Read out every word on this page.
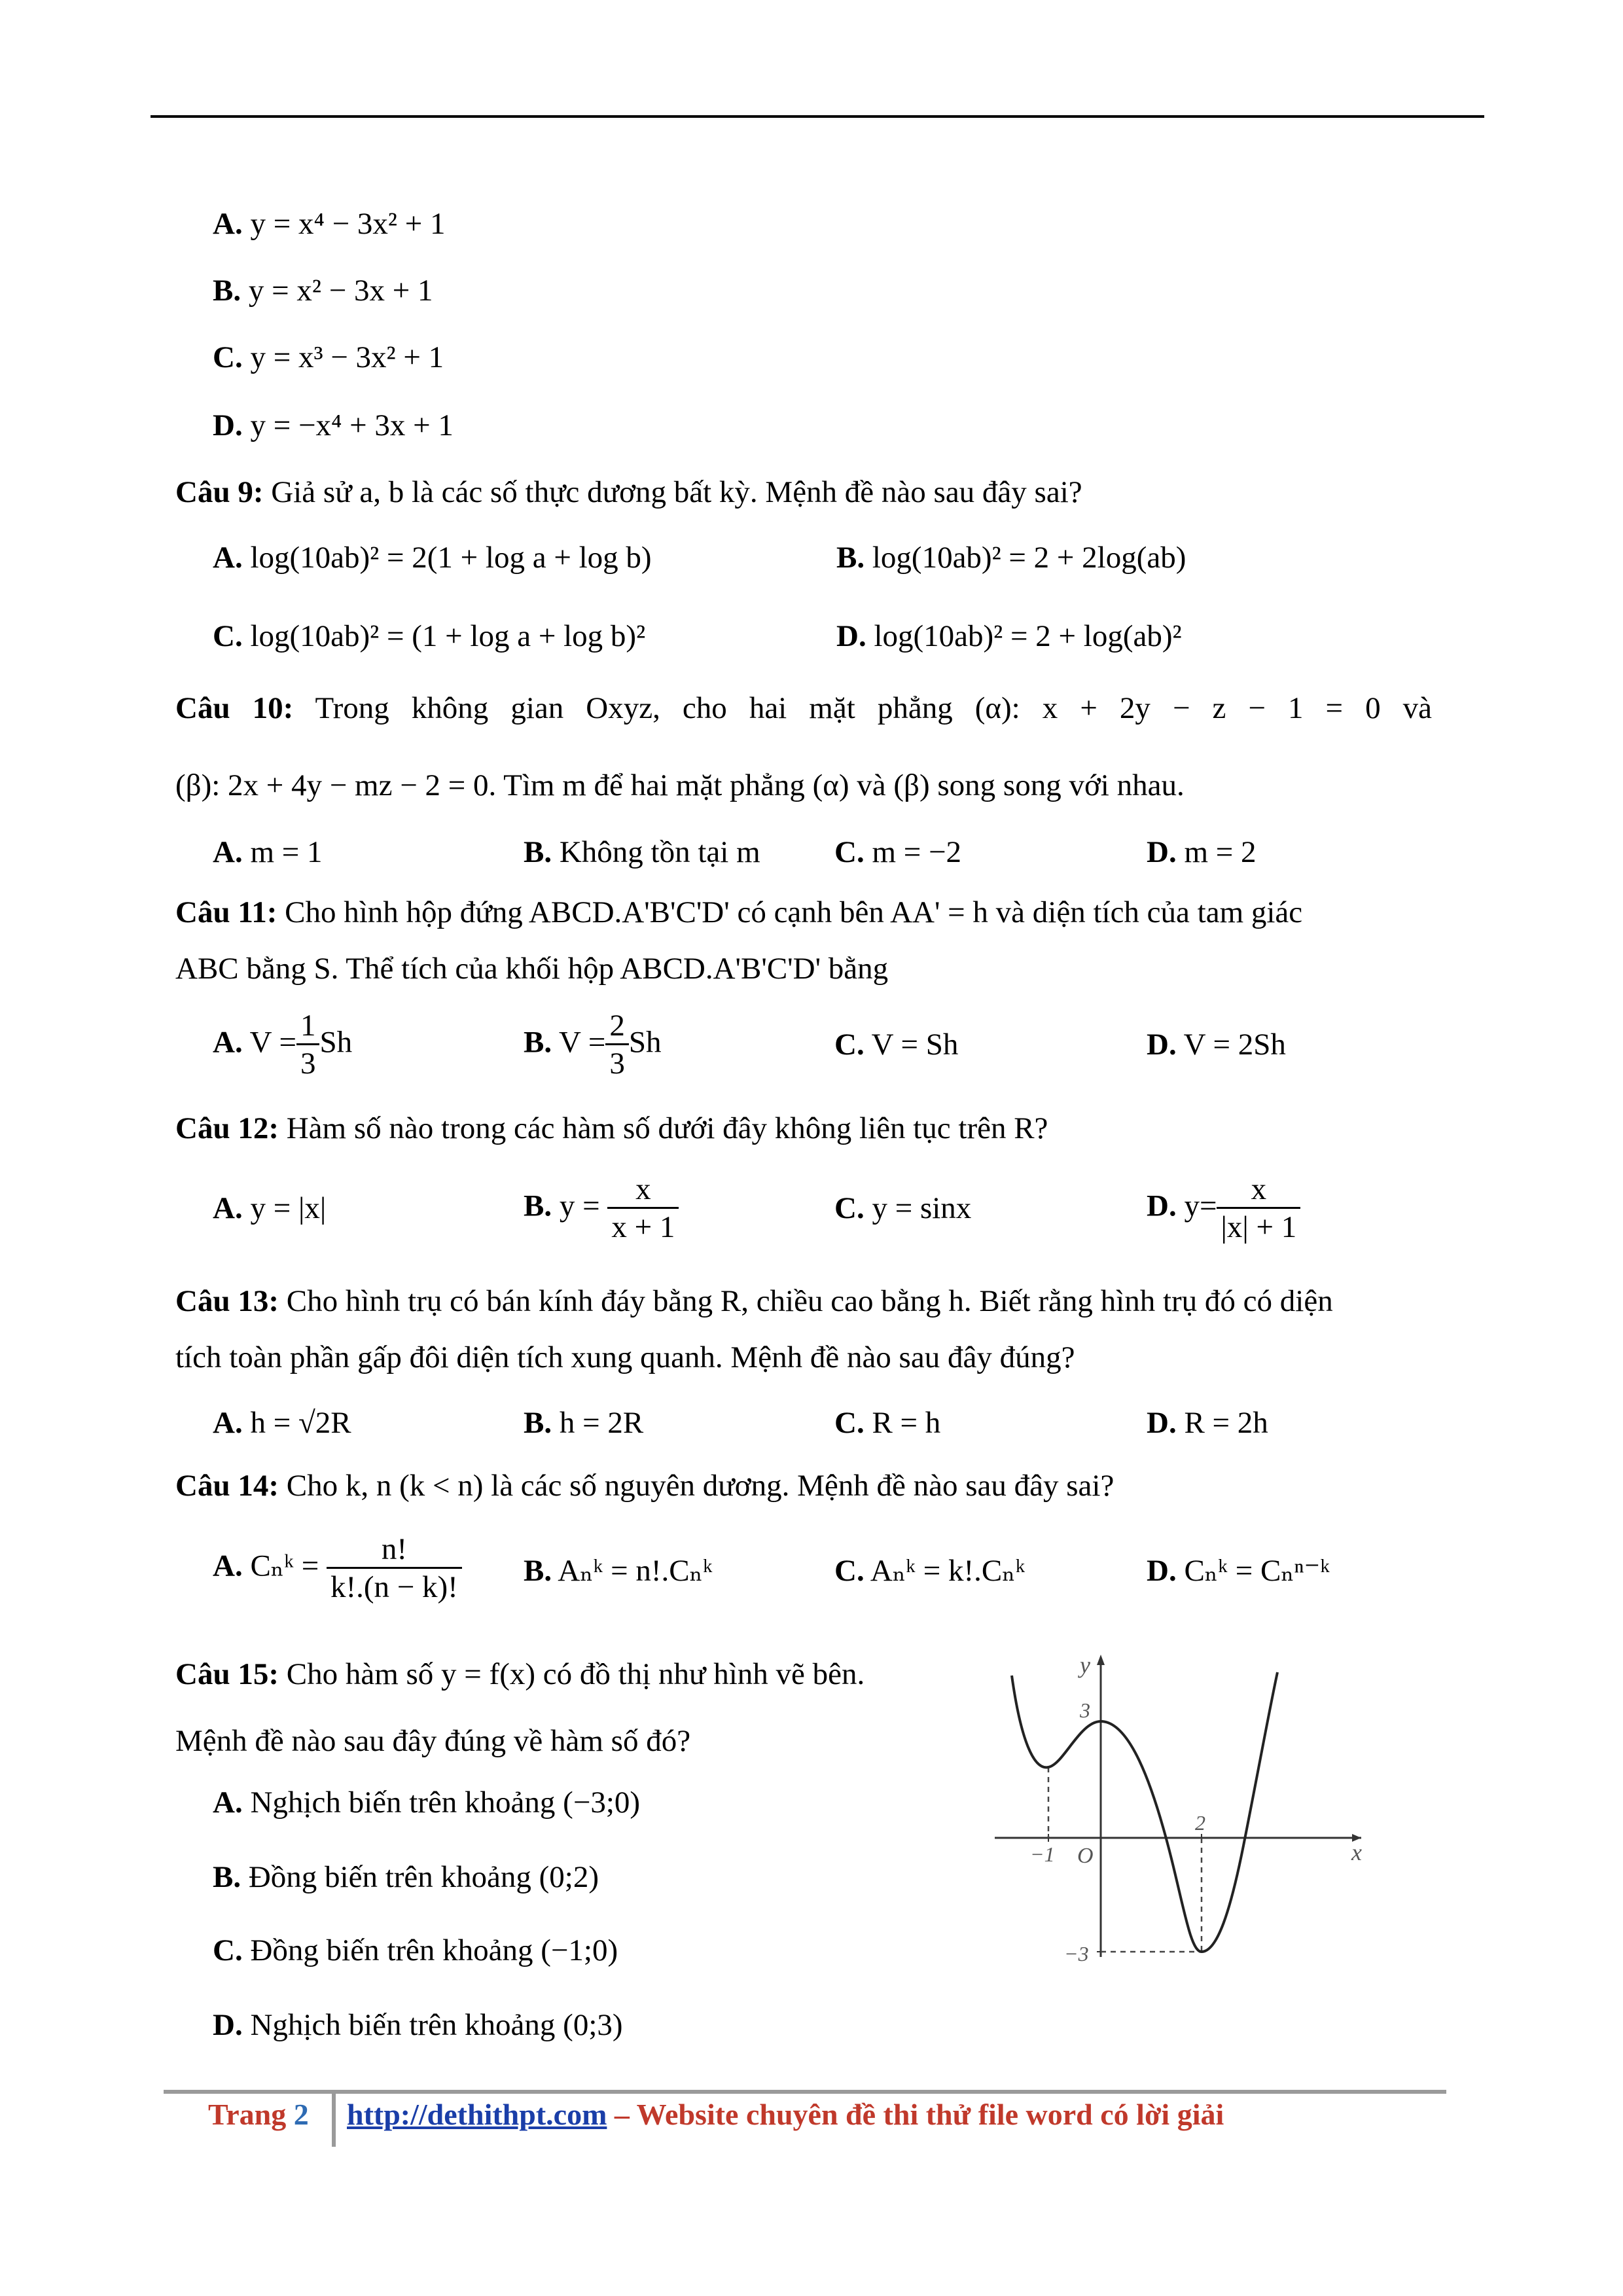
A. y = x⁴ − 3x² + 1
B. y = x² − 3x + 1
C. y = x³ − 3x² + 1
D. y = −x⁴ + 3x + 1
Câu 9: Giả sử a, b là các số thực dương bất kỳ. Mệnh đề nào sau đây sai?
A. log(10ab)² = 2(1 + log a + log b)	B. log(10ab)² = 2 + 2log(ab)
C. log(10ab)² = (1 + log a + log b)²	D. log(10ab)² = 2 + log(ab)²
Câu 10: Trong không gian Oxyz, cho hai mặt phẳng (α): x + 2y − z − 1 = 0 và
(β): 2x + 4y − mz − 2 = 0. Tìm m để hai mặt phẳng (α) và (β) song song với nhau.
A. m = 1	B. Không tồn tại m C. m = −2	D. m = 2
Câu 11: Cho hình hộp đứng ABCD.A'B'C'D' có cạnh bên AA' = h và diện tích của tam giác
ABC bằng S. Thể tích của khối hộp ABCD.A'B'C'D' bằng
A. $V = \frac{1}{3}$ Sh	B. $V = \frac{2}{3}$ Sh	C. V = Sh	D. V = 2Sh
Câu 12: Hàm số nào trong các hàm số dưới đây không liên tục trên R?
A. y = |x|	B. $y = \frac{x}{x + 1}$	C. y = sinx	D. $y= \frac{x}{|x| + 1}$
Câu 13: Cho hình trụ có bán kính đáy bằng R, chiều cao bằng h. Biết rằng hình trụ đó có diện
tích toàn phần gấp đôi diện tích xung quanh. Mệnh đề nào sau đây đúng?
A. h = √2R	B. h = 2R	C. R = h	D. R = 2h
Câu 14: Cho k, n (k < n) là các số nguyên dương. Mệnh đề nào sau đây sai?
A. Cₙᵏ = $\frac{n!}{k!.(n - k)!} B$. Aₙᵏ = n!.Cₙᵏ	C. Aₙᵏ = k!.Cₙᵏ	D. Cₙᵏ = Cₙⁿ⁻ᵏ
Câu 15: Cho hàm số y = f(x) có đồ thị như hình vẽ bên.
Mệnh đề nào sau đây đúng về hàm số đó?
A. Nghịch biến trên khoảng (−3;0)
B. Đồng biến trên khoảng (0;2)
C. Đồng biến trên khoảng (−1;0)
D. Nghịch biến trên khoảng (0;3)
y
x
O
3
−3
−1
2
Trang 2 http://dethithpt.com – Website chuyên đề thi thử file word có lời giải
